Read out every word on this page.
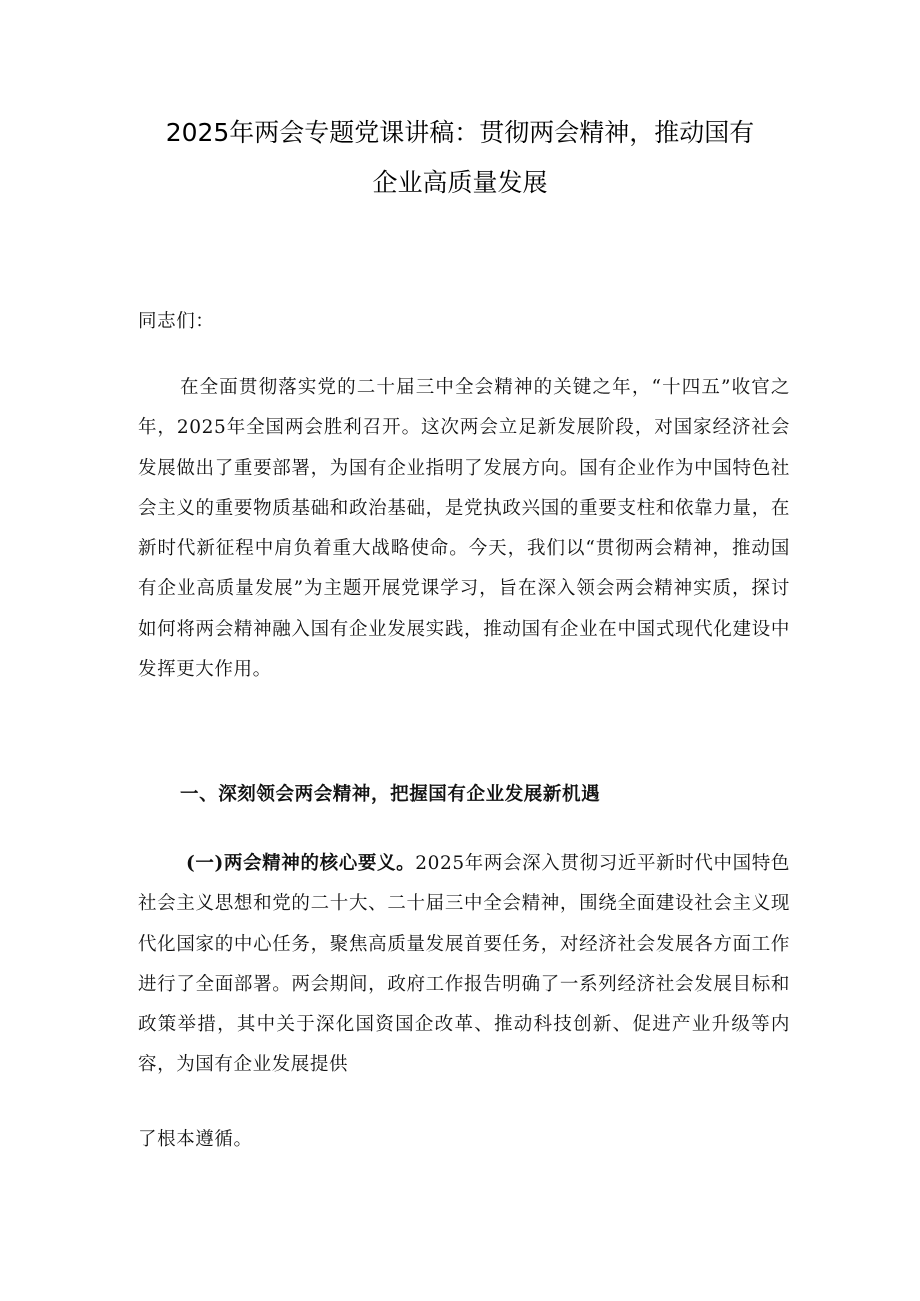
2025年两会专题党课讲稿：贯彻两会精神，推动国有
企业高质量发展
同志们：
在全面贯彻落实党的二十届三中全会精神的关键之年，“十四五”收官之年，2025年全国两会胜利召开。这次两会立足新发展阶段，对国家经济社会发展做出了重要部署，为国有企业指明了发展方向。国有企业作为中国特色社会主义的重要物质基础和政治基础，是党执政兴国的重要支柱和依靠力量，在新时代新征程中肩负着重大战略使命。今天，我们以“贯彻两会精神，推动国有企业高质量发展”为主题开展党课学习，旨在深入领会两会精神实质，探讨如何将两会精神融入国有企业发展实践，推动国有企业在中国式现代化建设中发挥更大作用。
一、深刻领会两会精神，把握国有企业发展新机遇
(一)两会精神的核心要义。2025年两会深入贯彻习近平新时代中国特色社会主义思想和党的二十大、二十届三中全会精神，围绕全面建设社会主义现代化国家的中心任务，聚焦高质量发展首要任务，对经济社会发展各方面工作进行了全面部署。两会期间，政府工作报告明确了一系列经济社会发展目标和政策举措，其中关于深化国资国企改革、推动科技创新、促进产业升级等内容，为国有企业发展提供
了根本遵循。
